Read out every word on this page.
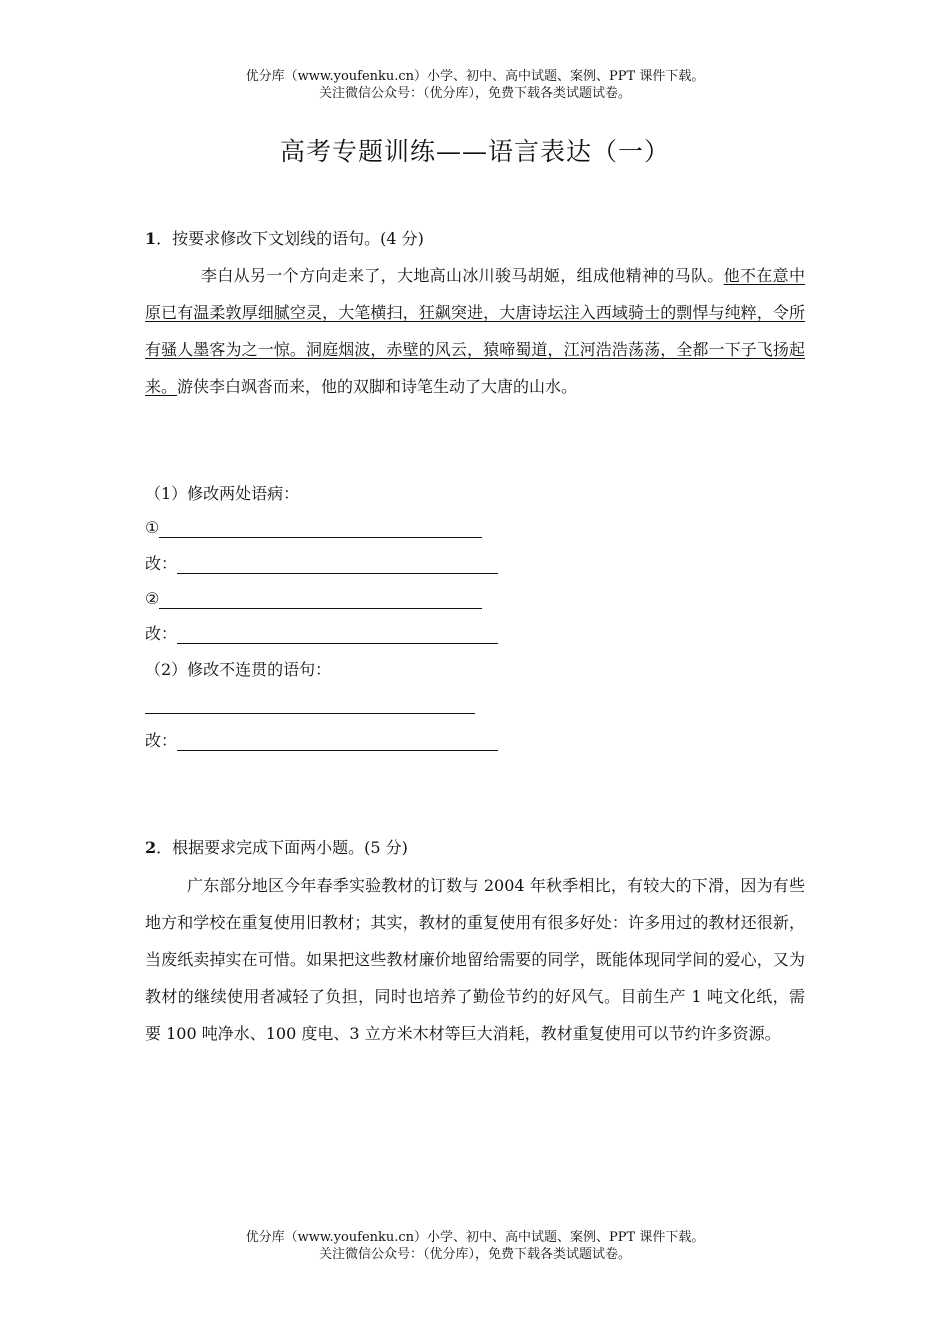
优分库（www.youfenku.cn）小学、初中、高中试题、案例、PPT 课件下载。
关注微信公众号：（优分库），免费下载各类试题试卷。
高考专题训练——语言表达（一）
1．按要求修改下文划线的语句。(4 分)

李白从另一个方向走来了，大地高山冰川骏马胡姬，组成他精神的马队。他不在意中原已有温柔敦厚细腻空灵，大笔横扫，狂飙突进，大唐诗坛注入西域骑士的剽悍与纯粹，令所有骚人墨客为之一惊。洞庭烟波，赤壁的风云，猿啼蜀道，江河浩浩荡荡，全都一下子飞扬起来。游侠李白飒沓而来，他的双脚和诗笔生动了大唐的山水。

（1）修改两处语病：
①
改：
②
改：
（2）修改不连贯的语句：
改：
2．根据要求完成下面两小题。(5 分)

广东部分地区今年春季实验教材的订数与 2004 年秋季相比，有较大的下滑，因为有些地方和学校在重复使用旧教材；其实，教材的重复使用有很多好处：许多用过的教材还很新，当废纸卖掉实在可惜。如果把这些教材廉价地留给需要的同学，既能体现同学间的爱心，又为教材的继续使用者减轻了负担，同时也培养了勤俭节约的好风气。目前生产 1 吨文化纸，需要 100 吨净水、100 度电、3 立方米木材等巨大消耗，教材重复使用可以节约许多资源。

优分库（www.youfenku.cn）小学、初中、高中试题、案例、PPT 课件下载。
关注微信公众号：（优分库），免费下载各类试题试卷。
